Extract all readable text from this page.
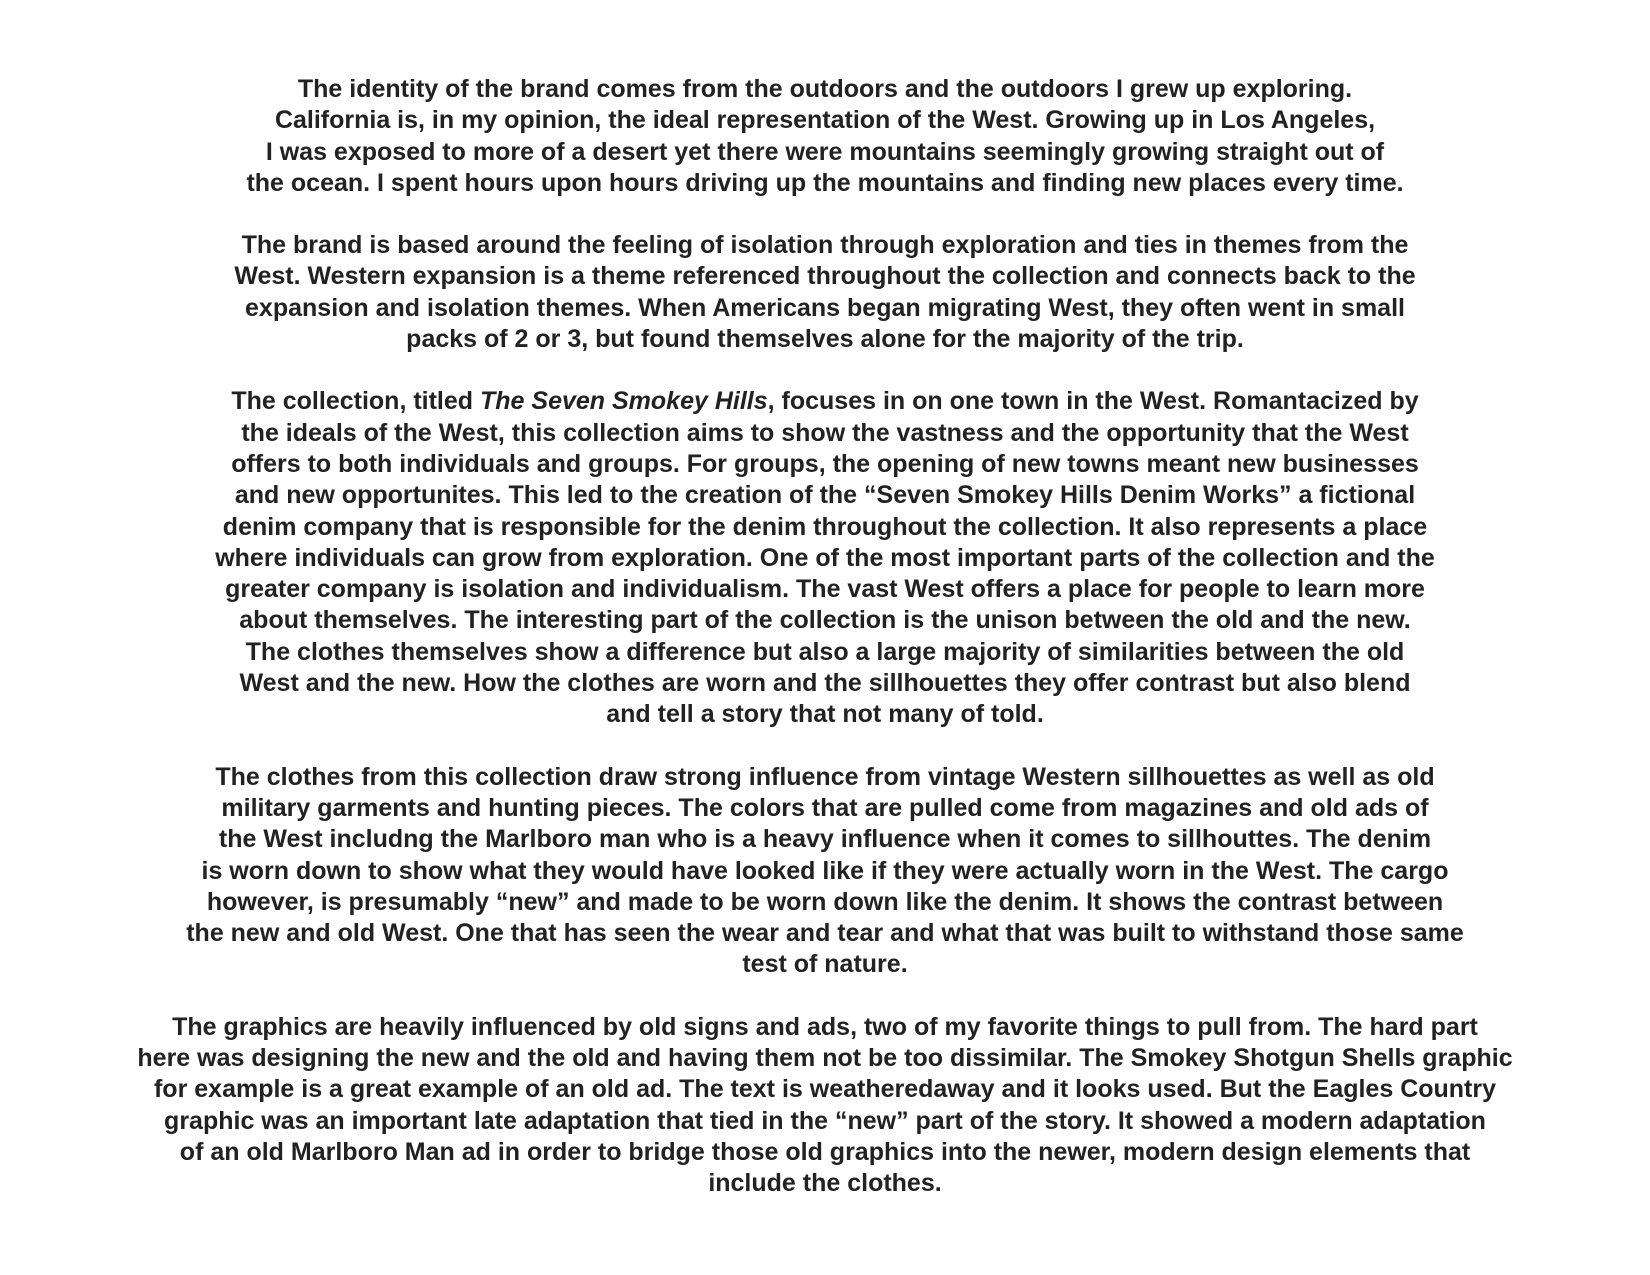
The identity of the brand comes from the outdoors and the outdoors I grew up exploring.
California is, in my opinion, the ideal representation of the West. Growing up in Los Angeles,
I was exposed to more of a desert yet there were mountains seemingly growing straight out of
the ocean. I spent hours upon hours driving up the mountains and finding new places every time.

The brand is based around the feeling of isolation through exploration and ties in themes from the
West. Western expansion is a theme referenced throughout the collection and connects back to the
expansion and isolation themes. When Americans began migrating West, they often went in small
packs of 2 or 3, but found themselves alone for the majority of the trip.

The collection, titled The Seven Smokey Hills, focuses in on one town in the West. Romantacized by
the ideals of the West, this collection aims to show the vastness and the opportunity that the West
offers to both individuals and groups. For groups, the opening of new towns meant new businesses
and new opportunites. This led to the creation of the “Seven Smokey Hills Denim Works” a fictional
denim company that is responsible for the denim throughout the collection. It also represents a place
where individuals can grow from exploration. One of the most important parts of the collection and the
greater company is isolation and individualism. The vast West offers a place for people to learn more
about themselves. The interesting part of the collection is the unison between the old and the new.
The clothes themselves show a difference but also a large majority of similarities between the old
West and the new. How the clothes are worn and the sillhouettes they offer contrast but also blend
and tell a story that not many of told.

The clothes from this collection draw strong influence from vintage Western sillhouettes as well as old
military garments and hunting pieces. The colors that are pulled come from magazines and old ads of
the West includng the Marlboro man who is a heavy influence when it comes to sillhouttes. The denim
is worn down to show what they would have looked like if they were actually worn in the West. The cargo
however, is presumably “new” and made to be worn down like the denim. It shows the contrast between
the new and old West. One that has seen the wear and tear and what that was built to withstand those same
test of nature.

The graphics are heavily influenced by old signs and ads, two of my favorite things to pull from. The hard part
here was designing the new and the old and having them not be too dissimilar. The Smokey Shotgun Shells graphic
for example is a great example of an old ad. The text is weatheredaway and it looks used. But the Eagles Country
graphic was an important late adaptation that tied in the “new” part of the story. It showed a modern adaptation
of an old Marlboro Man ad in order to bridge those old graphics into the newer, modern design elements that
include the clothes.
